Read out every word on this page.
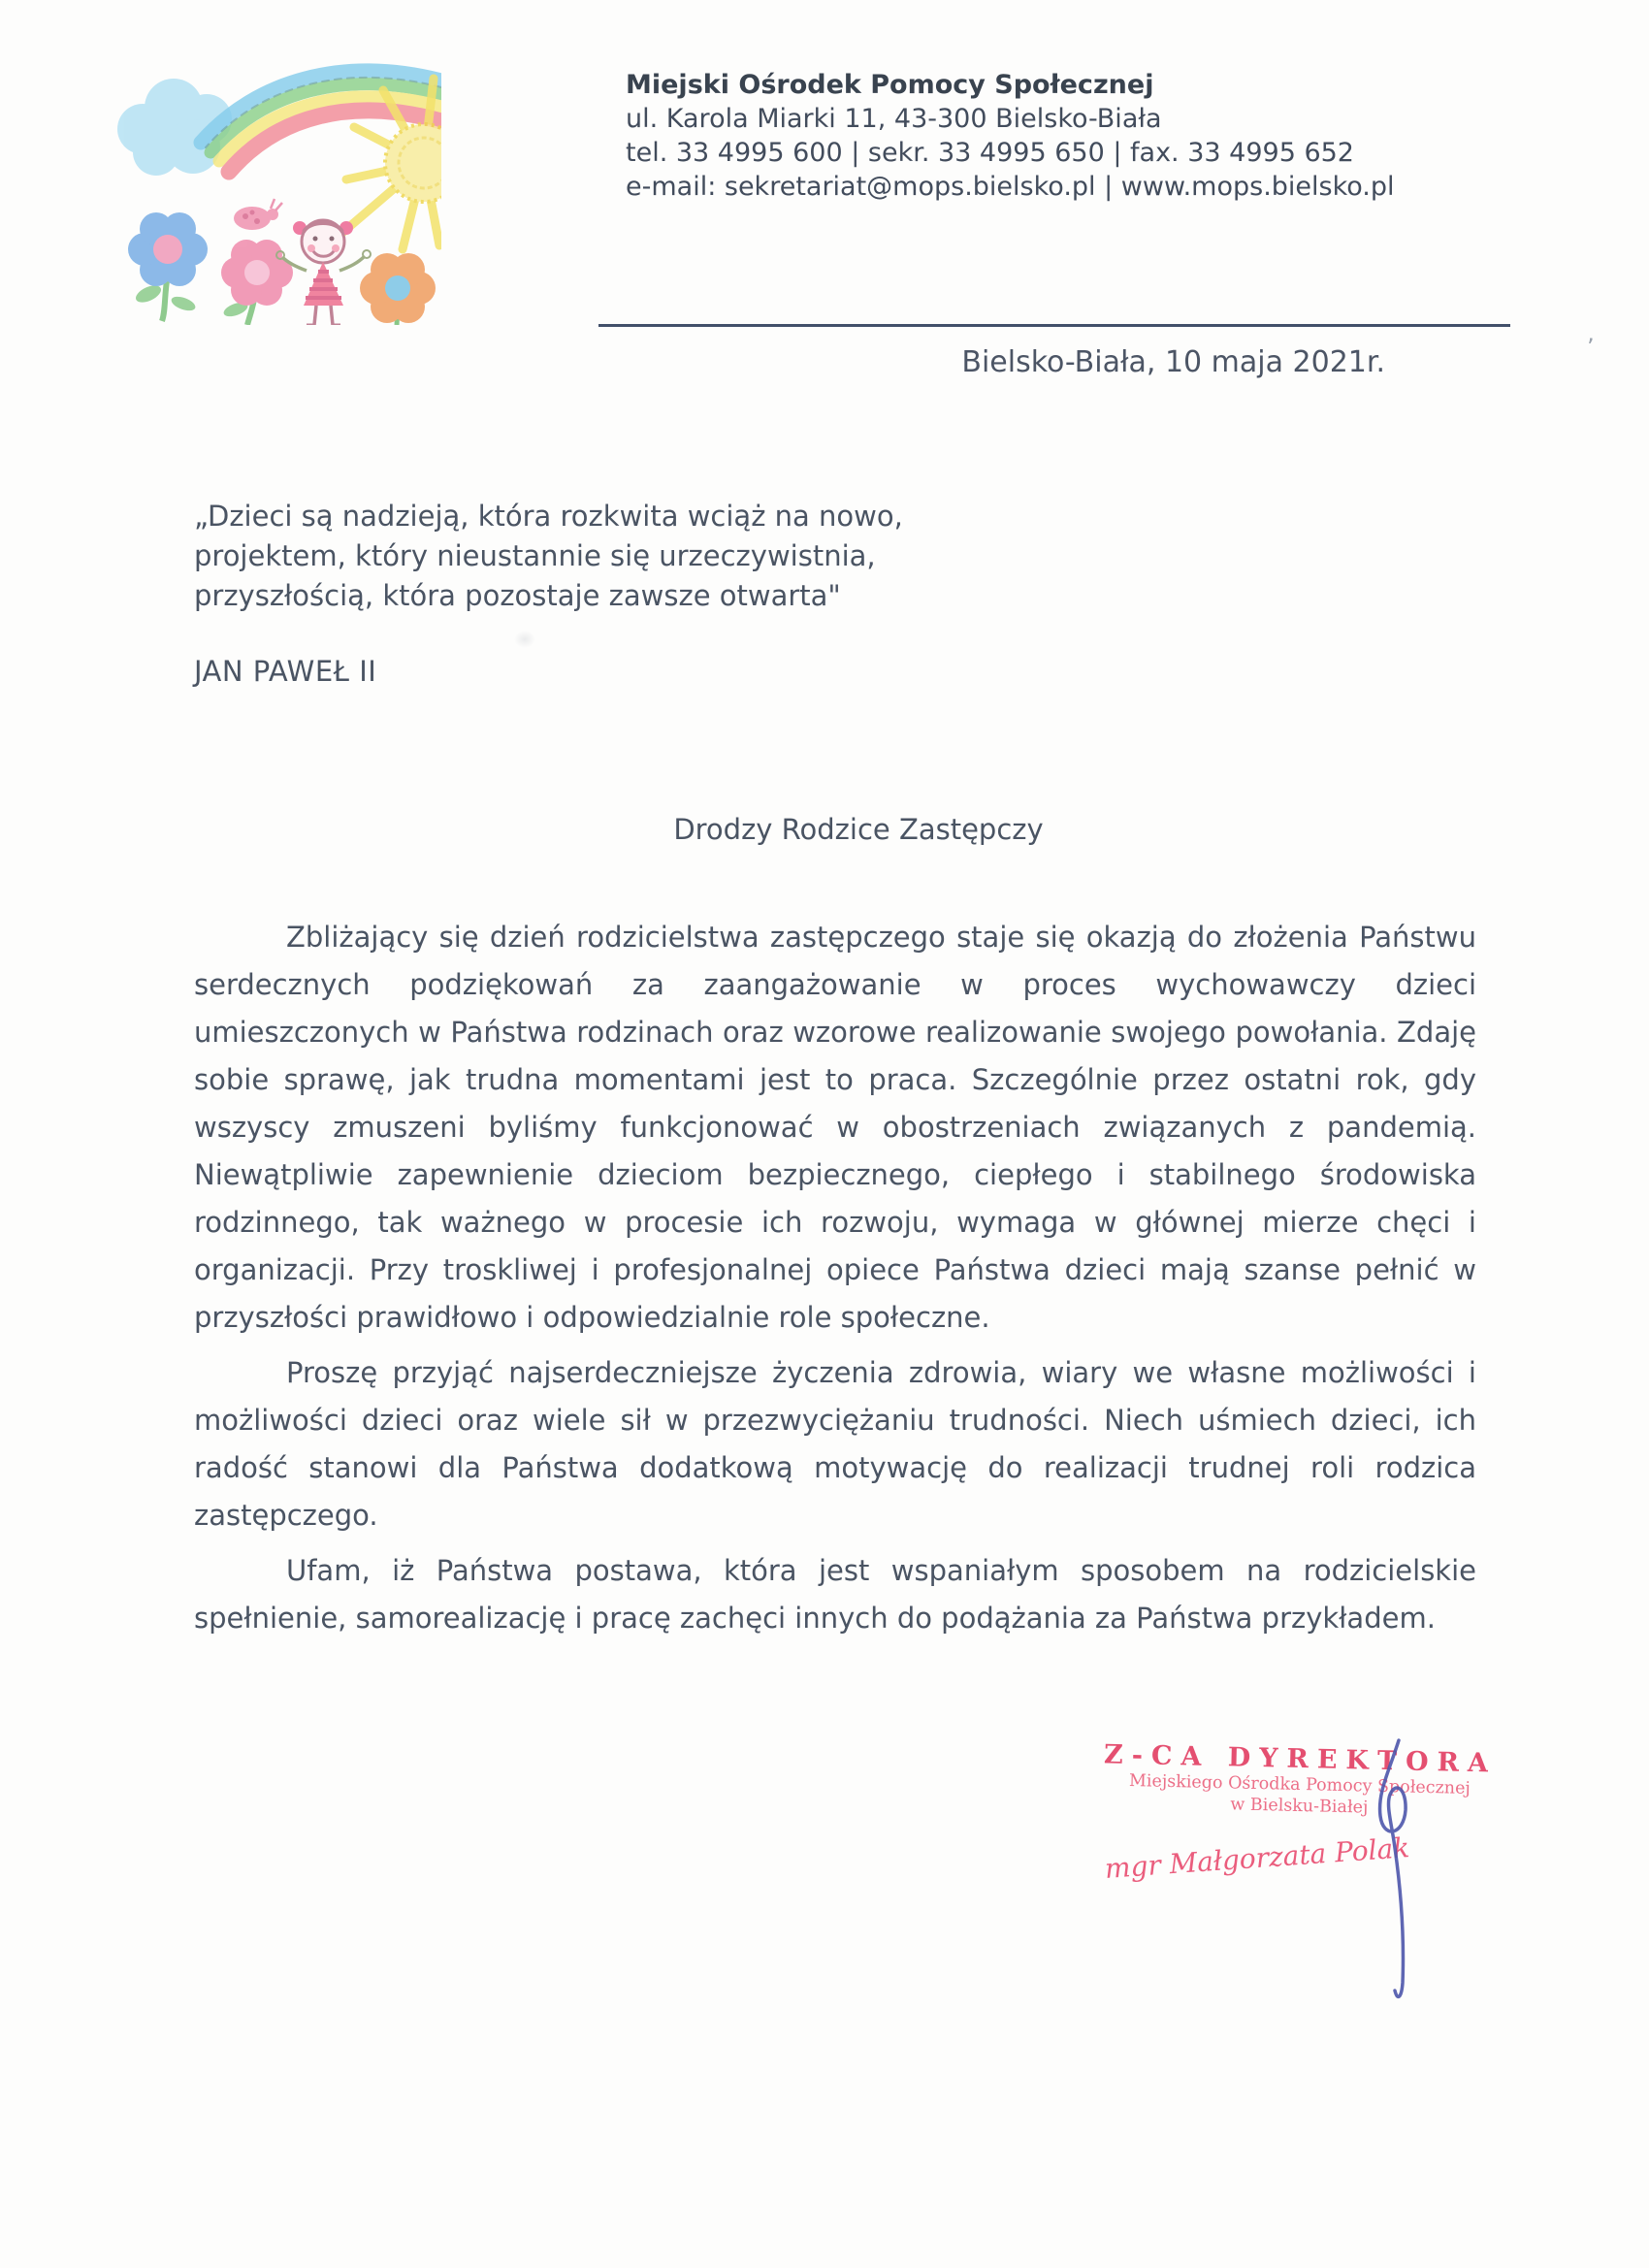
Miejski Ośrodek Pomocy Społecznej
ul. Karola Miarki 11, 43-300 Bielsko-Biała
tel. 33 4995 600 | sekr. 33 4995 650 | fax. 33 4995 652
e-mail: sekretariat@mops.bielsko.pl | www.mops.bielsko.pl
Bielsko-Biała, 10 maja 2021r.	’
„Dzieci są nadzieją, która rozkwita wciąż na nowo,
projektem, który nieustannie się urzeczywistnia,
przyszłością, która pozostaje zawsze otwarta"
JAN PAWEŁ II
Drodzy Rodzice Zastępczy

Zbliżający się dzień rodzicielstwa zastępczego staje się okazją do złożenia Państwu serdecznych podziękowań za zaangażowanie w proces wychowawczy dzieci umieszczonych w Państwa rodzinach oraz wzorowe realizowanie swojego powołania. Zdaję sobie sprawę, jak trudna momentami jest to praca. Szczególnie przez ostatni rok, gdy wszyscy zmuszeni byliśmy funkcjonować w obostrzeniach związanych z pandemią. Niewątpliwie zapewnienie dzieciom bezpiecznego, ciepłego i stabilnego środowiska rodzinnego, tak ważnego w procesie ich rozwoju, wymaga w głównej mierze chęci i organizacji. Przy troskliwej i profesjonalnej opiece Państwa dzieci mają szanse pełnić w przyszłości prawidłowo i odpowiedzialnie role społeczne.

Proszę przyjąć najserdeczniejsze życzenia zdrowia, wiary we własne możliwości i możliwości dzieci oraz wiele sił w przezwyciężaniu trudności. Niech uśmiech dzieci, ich radość stanowi dla Państwa dodatkową motywację do realizacji trudnej roli rodzica zastępczego.

Ufam, iż Państwa postawa, która jest wspaniałym sposobem na rodzicielskie spełnienie, samorealizację i pracę zachęci innych do podążania za Państwa przykładem.

Z-CA DYREKTORA
Miejskiego Ośrodka Pomocy Społecznej
w Bielsku-Białej
mgr Małgorzata Polak
